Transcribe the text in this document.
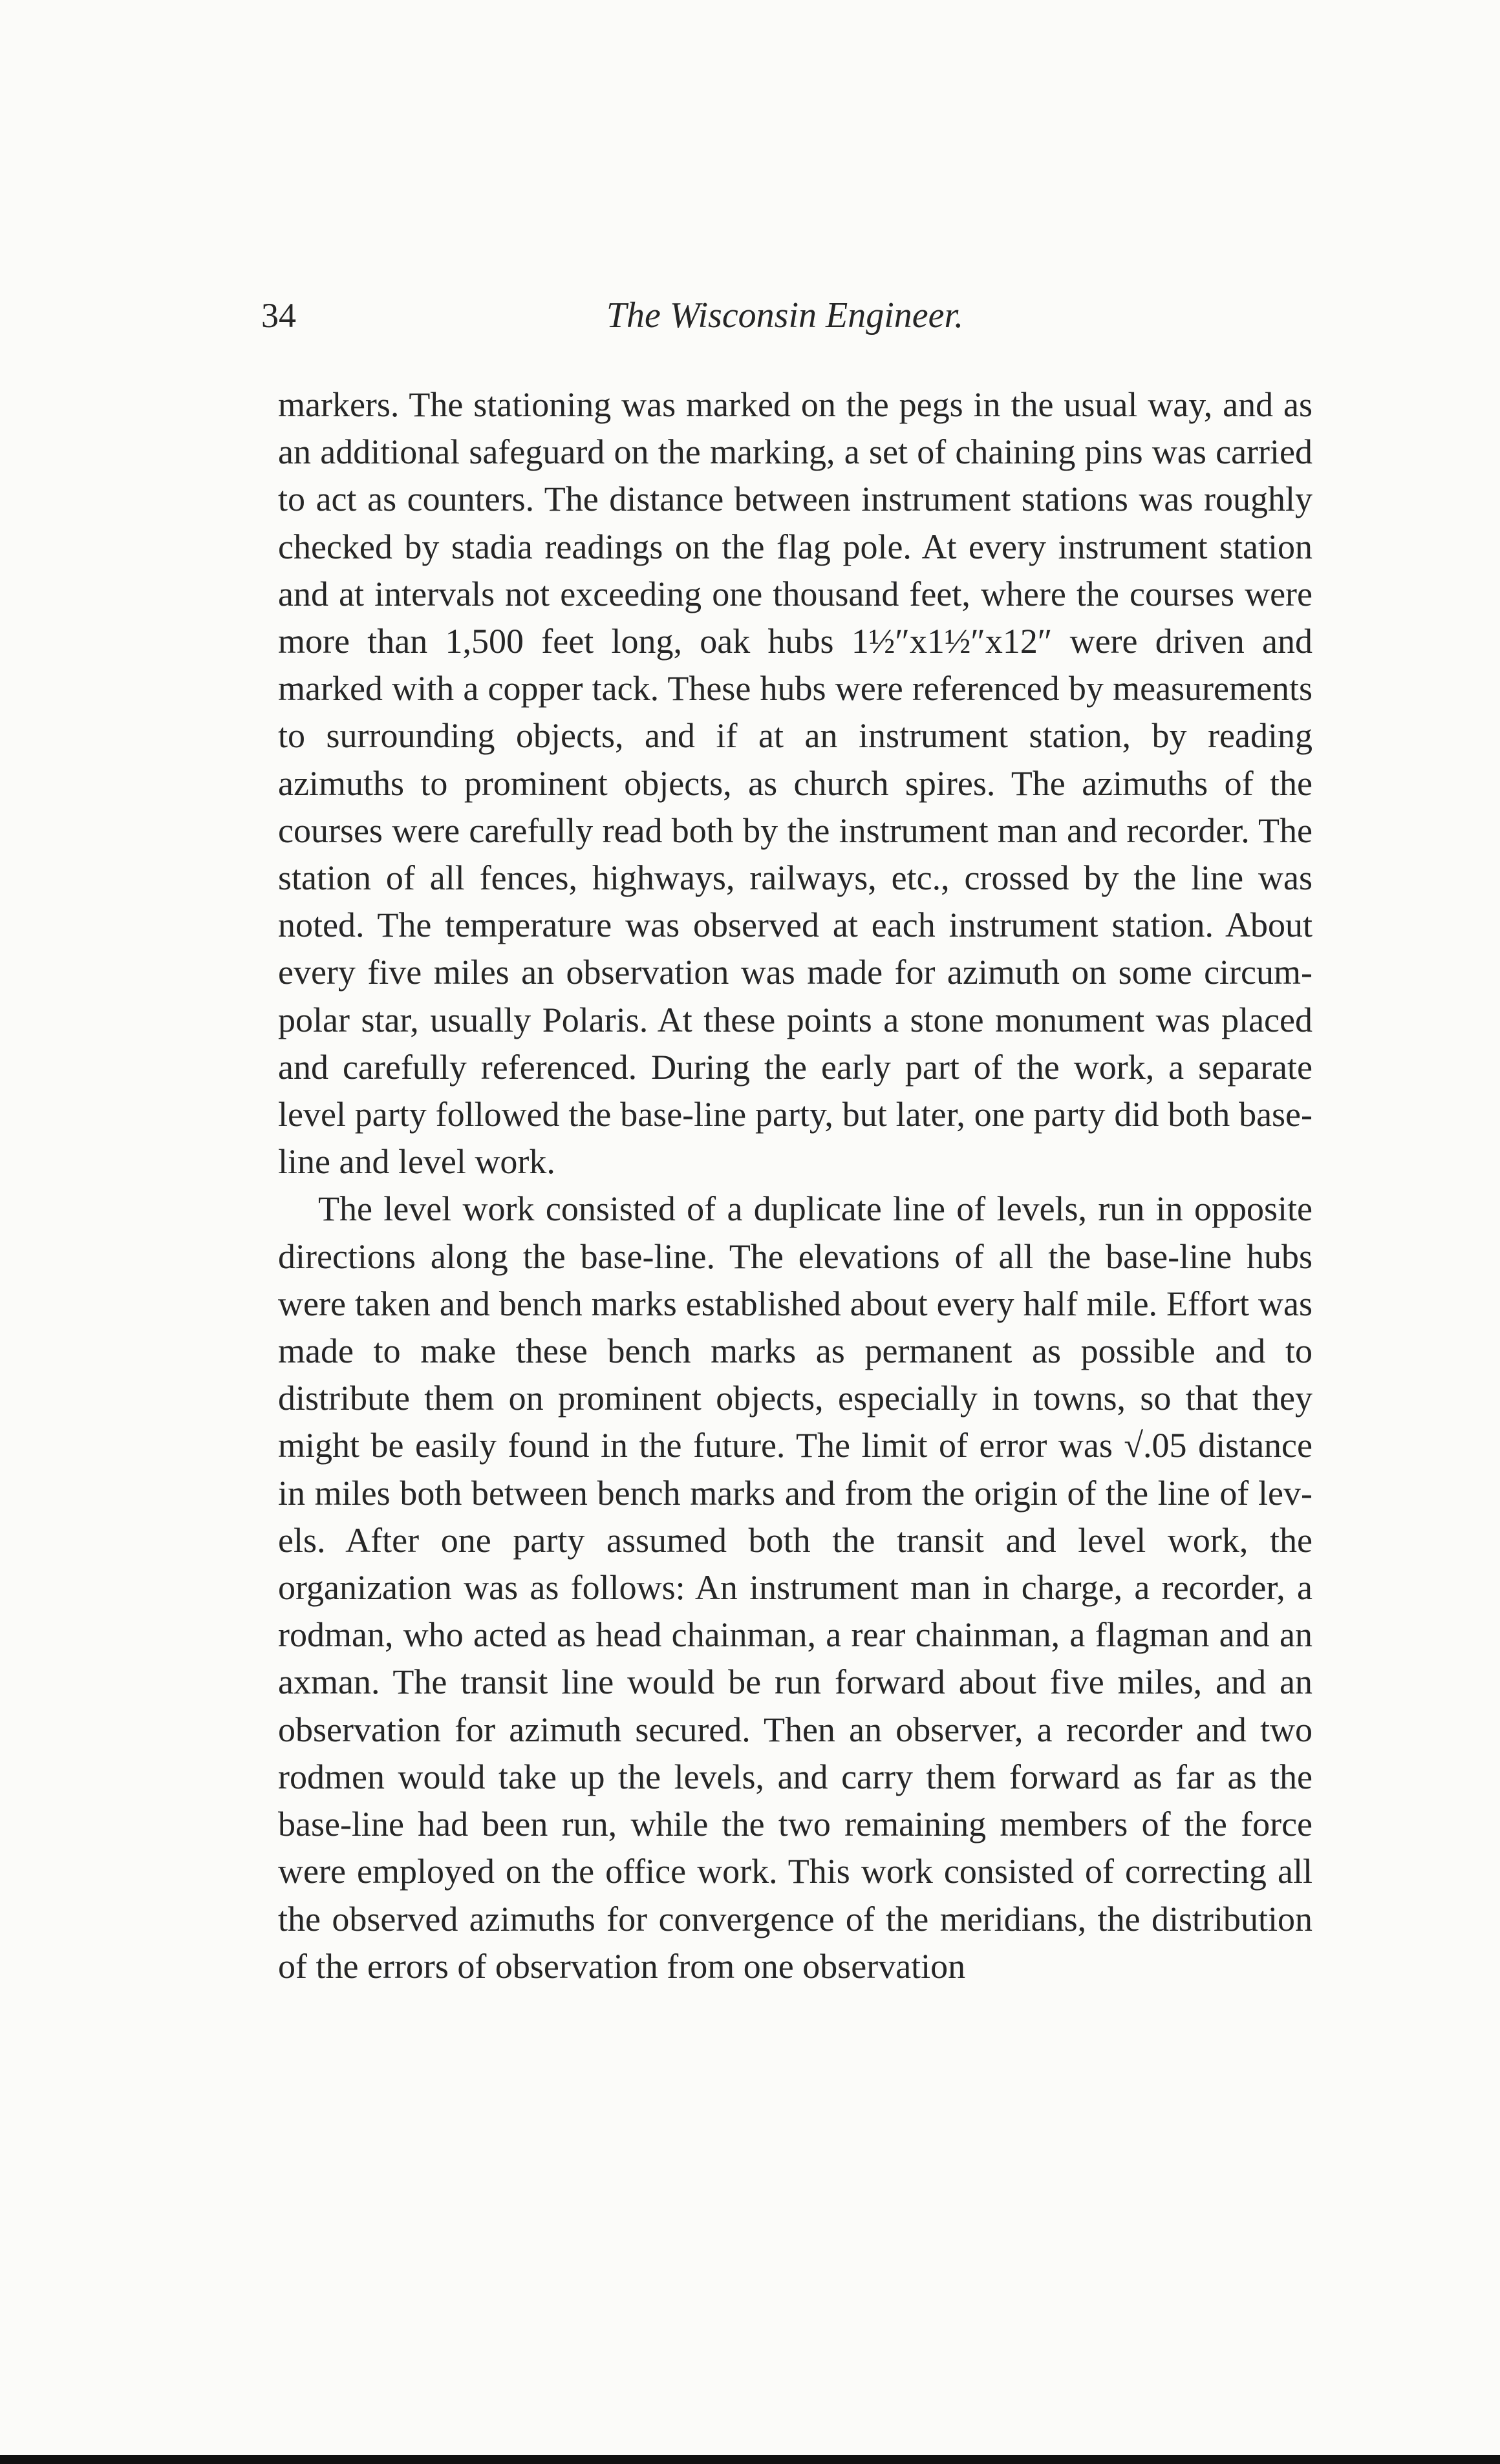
34	The Wisconsin Engineer.

markers. The stationing was marked on the pegs in the usual way, and as an additional safeguard on the marking, a set of chaining pins was carried to act as counters. The distance between instrument stations was roughly checked by stadia readings on the flag pole. At every instrument station and at intervals not exceeding one thousand feet, where the courses were more than 1,500 feet long, oak hubs 1½″x1½″x12″ were driven and marked with a copper tack. These hubs were referenced by measurements to surrounding objects, and if at an instrument station, by reading azimuths to prominent objects, as church spires. The azimuths of the courses were carefully read both by the instrument man and recorder. The station of all fences, highways, railways, etc., crossed by the line was noted. The temperature was observed at each instrument station. About every five miles an observation was made for azimuth on some circum-polar star, usually Polaris. At these points a stone monument was placed and carefully referenced. During the early part of the work, a separate level party followed the base-line party, but later, one party did both base-line and level work.

The level work consisted of a duplicate line of levels, run in opposite directions along the base-line. The elevations of all the base-line hubs were taken and bench marks established about every half mile. Effort was made to make these bench marks as permanent as possible and to distribute them on prominent objects, especially in towns, so that they might be easily found in the future. The limit of error was √.05 distance in miles both between bench marks and from the origin of the line of levels. After one party assumed both the transit and level work, the organization was as follows: An instrument man in charge, a recorder, a rodman, who acted as head chainman, a rear chainman, a flagman and an axman. The transit line would be run forward about five miles, and an observation for azimuth secured. Then an observer, a recorder and two rodmen would take up the levels, and carry them forward as far as the base-line had been run, while the two remaining members of the force were employed on the office work. This work consisted of correcting all the observed azimuths for convergence of the meridians, the distribution of the errors of observation from one observation
